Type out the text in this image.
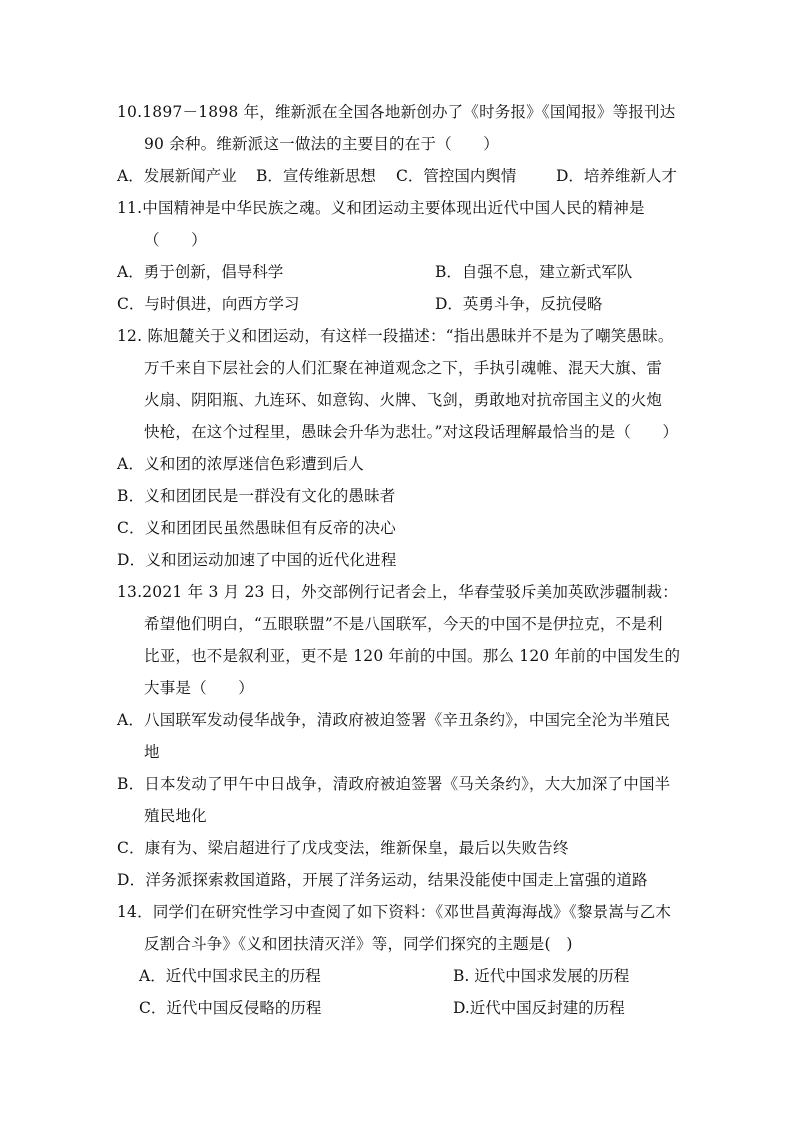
10.1897－1898 年，维新派在全国各地新创办了《时务报》《国闻报》等报刊达
90 余种。维新派这一做法的主要目的在于（　　）
A．发展新闻产业	B．宣传维新思想	C．管控国内舆情	D．培养维新人才
11.中国精神是中华民族之魂。义和团运动主要体现出近代中国人民的精神是
（　　）
A．勇于创新，倡导科学	B．自强不息，建立新式军队
C．与时俱进，向西方学习	D．英勇斗争，反抗侵略
12. 陈旭麓关于义和团运动，有这样一段描述：“指出愚昧并不是为了嘲笑愚昧。
万千来自下层社会的人们汇聚在神道观念之下，手执引魂帷、混天大旗、雷
火扇、阴阳瓶、九连环、如意钩、火牌、飞剑，勇敢地对抗帝国主义的火炮
快枪，在这个过程里，愚昧会升华为悲壮。”对这段话理解最恰当的是（　　）
A．义和团的浓厚迷信色彩遭到后人
B．义和团团民是一群没有文化的愚昧者
C．义和团团民虽然愚昧但有反帝的决心
D．义和团运动加速了中国的近代化进程
13.2021 年 3 月 23 日，外交部例行记者会上，华春莹驳斥美加英欧涉疆制裁：
希望他们明白，“五眼联盟”不是八国联军，今天的中国不是伊拉克，不是利
比亚，也不是叙利亚，更不是 120 年前的中国。那么 120 年前的中国发生的
大事是（　　）
A．八国联军发动侵华战争，清政府被迫签署《辛丑条约》，中国完全沦为半殖民
地
B．日本发动了甲午中日战争，清政府被迫签署《马关条约》，大大加深了中国半
殖民地化
C．康有为、梁启超进行了戊戌变法，维新保皇，最后以失败告终
D．洋务派探索救国道路，开展了洋务运动，结果没能使中国走上富强的道路
14．同学们在研究性学习中查阅了如下资料：《邓世昌黄海海战》《黎景嵩与乙木
反割合斗争》《义和团扶清灭洋》等，同学们探究的主题是(　)
A．近代中国求民主的历程	B. 近代中国求发展的历程
C．近代中国反侵略的历程	D.近代中国反封建的历程
